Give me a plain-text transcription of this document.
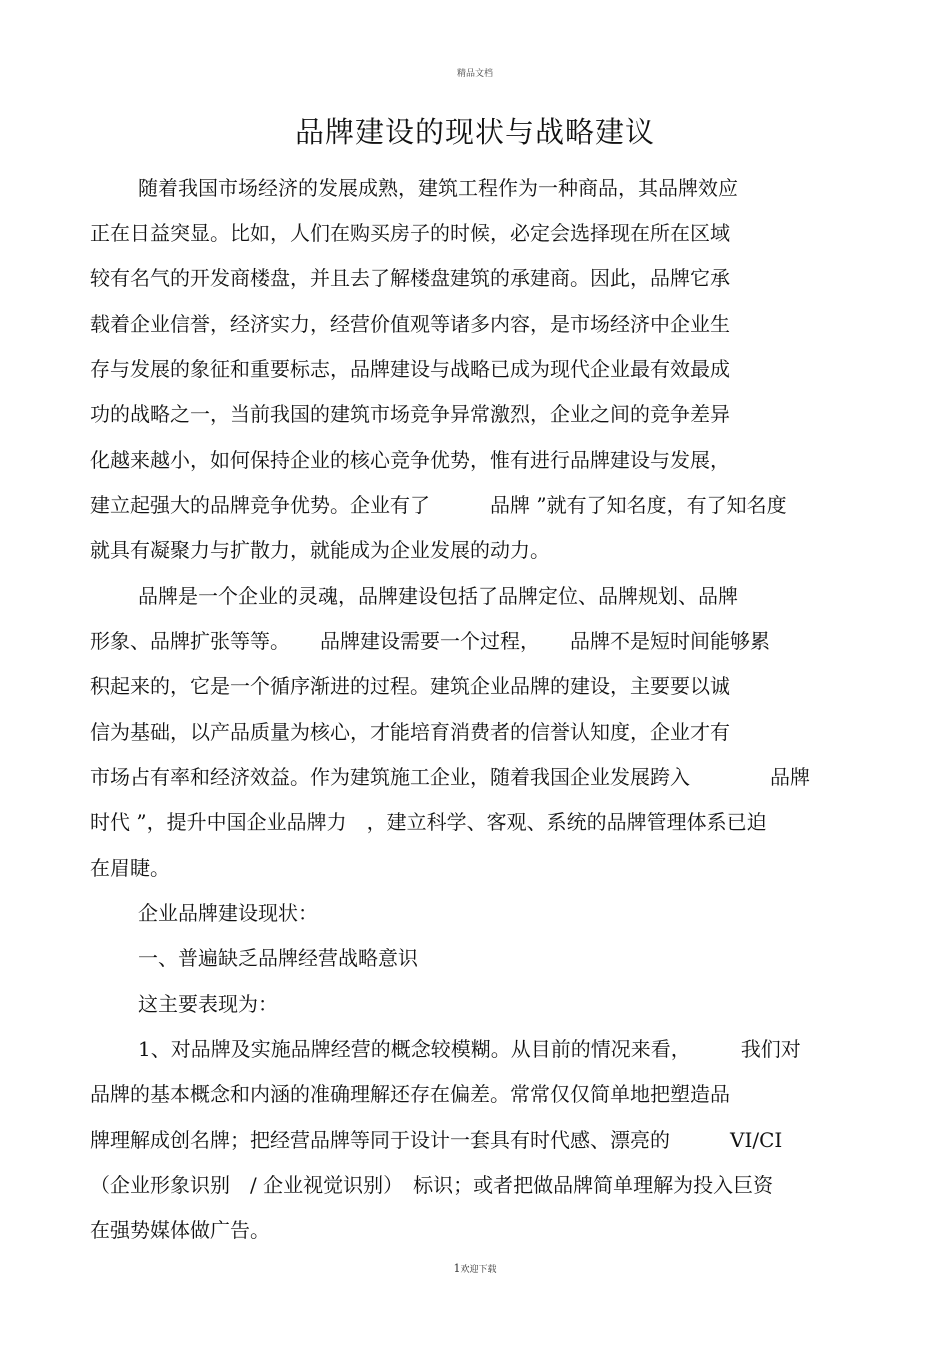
精品文档
品牌建设的现状与战略建议
随着我国市场经济的发展成熟，建筑工程作为一种商品，其品牌效应
正在日益突显。比如，人们在购买房子的时候，必定会选择现在所在区域
较有名气的开发商楼盘，并且去了解楼盘建筑的承建商。因此，品牌它承
载着企业信誉，经济实力，经营价值观等诸多内容，是市场经济中企业生
存与发展的象征和重要标志，品牌建设与战略已成为现代企业最有效最成
功的战略之一，当前我国的建筑市场竞争异常激烈，企业之间的竞争差异
化越来越小，如何保持企业的核心竞争优势，惟有进行品牌建设与发展，
建立起强大的品牌竞争优势。企业有了　　　品牌 ”就有了知名度，有了知名度
就具有凝聚力与扩散力，就能成为企业发展的动力。
品牌是一个企业的灵魂，品牌建设包括了品牌定位、品牌规划、品牌
形象、品牌扩张等等。　　品牌建设需要一个过程，　　品牌不是短时间能够累
积起来的，它是一个循序渐进的过程。建筑企业品牌的建设，主要要以诚
信为基础，以产品质量为核心，才能培育消费者的信誉认知度，企业才有
市场占有率和经济效益。作为建筑施工企业，随着我国企业发展跨入　　　　品牌
时代 ”，提升中国企业品牌力　，建立科学、客观、系统的品牌管理体系已迫
在眉睫。
企业品牌建设现状：
一、普遍缺乏品牌经营战略意识
这主要表现为：
1、对品牌及实施品牌经营的概念较模糊。从目前的情况来看，　　　我们对
品牌的基本概念和内涵的准确理解还存在偏差。常常仅仅简单地把塑造品
牌理解成创名牌；把经营品牌等同于设计一套具有时代感、漂亮的　　　VI/CI
（企业形象识别　/ 企业视觉识别）　标识；或者把做品牌简单理解为投入巨资
在强势媒体做广告。
1欢迎下载
